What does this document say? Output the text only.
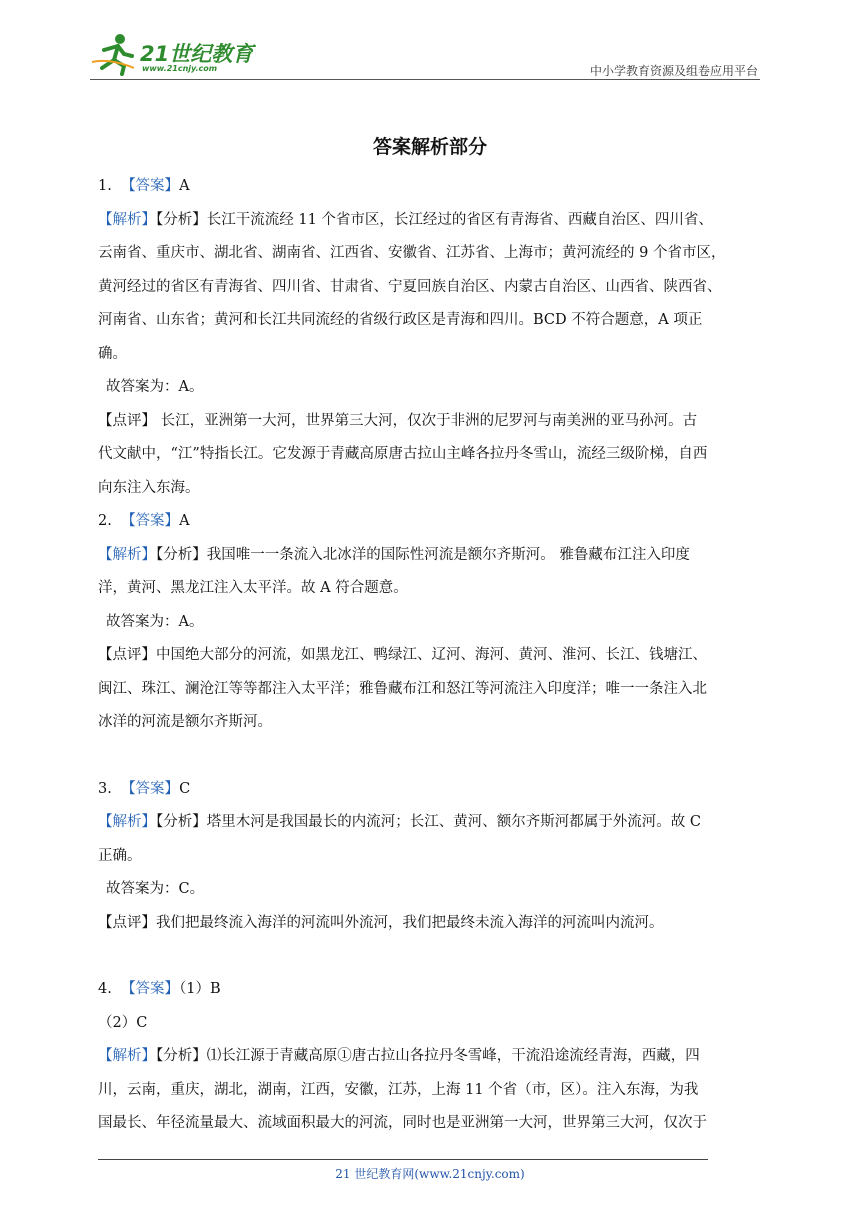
21世纪教育
www.21cnjy.com	中小学教育资源及组卷应用平台
答案解析部分

1. 【答案】A

【解析】【分析】长江干流流经 11 个省市区，长江经过的省区有青海省、西藏自治区、四川省、

云南省、重庆市、湖北省、湖南省、江西省、安徽省、江苏省、上海市；黄河流经的 9 个省市区，

黄河经过的省区有青海省、四川省、甘肃省、宁夏回族自治区、内蒙古自治区、山西省、陕西省、

河南省、山东省；黄河和长江共同流经的省级行政区是青海和四川。BCD 不符合题意，A 项正

确。

故答案为：A。

【点评】 长江，亚洲第一大河，世界第三大河，仅次于非洲的尼罗河与南美洲的亚马孙河。古

代文献中，“江”特指长江。它发源于青藏高原唐古拉山主峰各拉丹冬雪山，流经三级阶梯，自西

向东注入东海。

2. 【答案】A

【解析】【分析】我国唯一一条流入北冰洋的国际性河流是额尔齐斯河。 雅鲁藏布江注入印度

洋，黄河、黑龙江注入太平洋。故 A 符合题意。

故答案为：A。

【点评】中国绝大部分的河流，如黑龙江、鸭绿江、辽河、海河、黄河、淮河、长江、钱塘江、

闽江、珠江、澜沧江等等都注入太平洋；雅鲁藏布江和怒江等河流注入印度洋；唯一一条注入北

冰洋的河流是额尔齐斯河。

3. 【答案】C

【解析】【分析】塔里木河是我国最长的内流河；长江、黄河、额尔齐斯河都属于外流河。故 C

正确。

故答案为：C。

【点评】我们把最终流入海洋的河流叫外流河，我们把最终未流入海洋的河流叫内流河。

4. 【答案】（1）B

（2）C

【解析】【分析】⑴长江源于青藏高原①唐古拉山各拉丹冬雪峰，干流沿途流经青海，西藏，四

川，云南，重庆，湖北，湖南，江西，安徽，江苏，上海 11 个省（市，区）。注入东海，为我

国最长、年径流量最大、流域面积最大的河流，同时也是亚洲第一大河，世界第三大河，仅次于

21 世纪教育网(www.21cnjy.com)
